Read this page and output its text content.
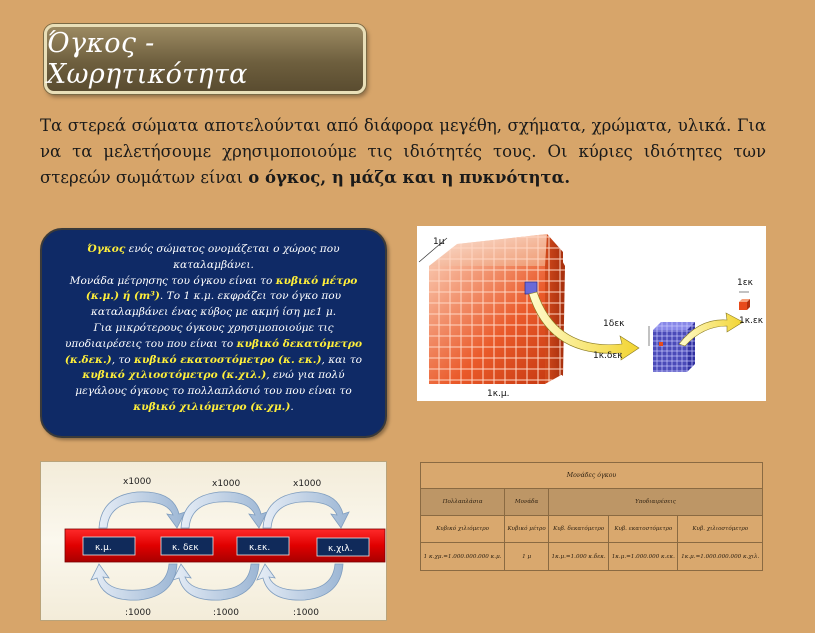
Όγκος - Χωρητικότητα

Τα στερεά σώματα αποτελούνται από διάφορα μεγέθη, σχήματα, χρώματα, υλικά. Για να τα μελετήσουμε χρησιμοποιούμε τις ιδιότητές τους. Οι κύριες ιδιότητες των στερεών σωμάτων είναι ο όγκος, η μάζα και η πυκνότητα.

Όγκος ενός σώματος ονομάζεται ο χώρος που καταλαμβάνει.
Μονάδα μέτρησης του όγκου είναι το κυβικό μέτρο (κ.μ.) ή (m³). Το 1 κ.μ. εκφράζει τον όγκο που καταλαμβάνει ένας κύβος με ακμή ίση με1 μ.
Για μικρότερους όγκους χρησιμοποιούμε τις υποδιαιρέσεις του που είναι το κυβικό δεκατόμετρο (κ.δεκ.), το κυβικό εκατοστόμετρο (κ. εκ.), και το κυβικό χιλιοστόμετρο (κ.χιλ.), ενώ για πολύ μεγάλους όγκους το πολλαπλάσιό του που είναι το κυβικό χιλιόμετρο (κ.χμ.).
1μ
1κ.μ.
1δεκ
1κ.δεκ
1εκ
1κ.εκ
x1000	x1000	x1000
κ.μ.	κ. δεκ	κ.εκ.	κ.χιλ.
:1000	:1000	:1000
Μονάδες όγκου				
Πολλαπλάσια	Μονάδα	Υποδιαιρέσεις		
Κυβικό χιλιόμετρο	Κυβικό μέτρο	Κυβ. δεκατόμετρο	Κυβ. εκατοστόμετρο	Κυβ. χιλιοστόμετρο
1 κ.χμ.=1.000.000.000 κ.μ.	1 μ	1κ.μ.=1.000 κ.δεκ.	1κ.μ.=1.000.000 κ.εκ.	1κ.μ.=1.000.000.000 κ.χιλ.
